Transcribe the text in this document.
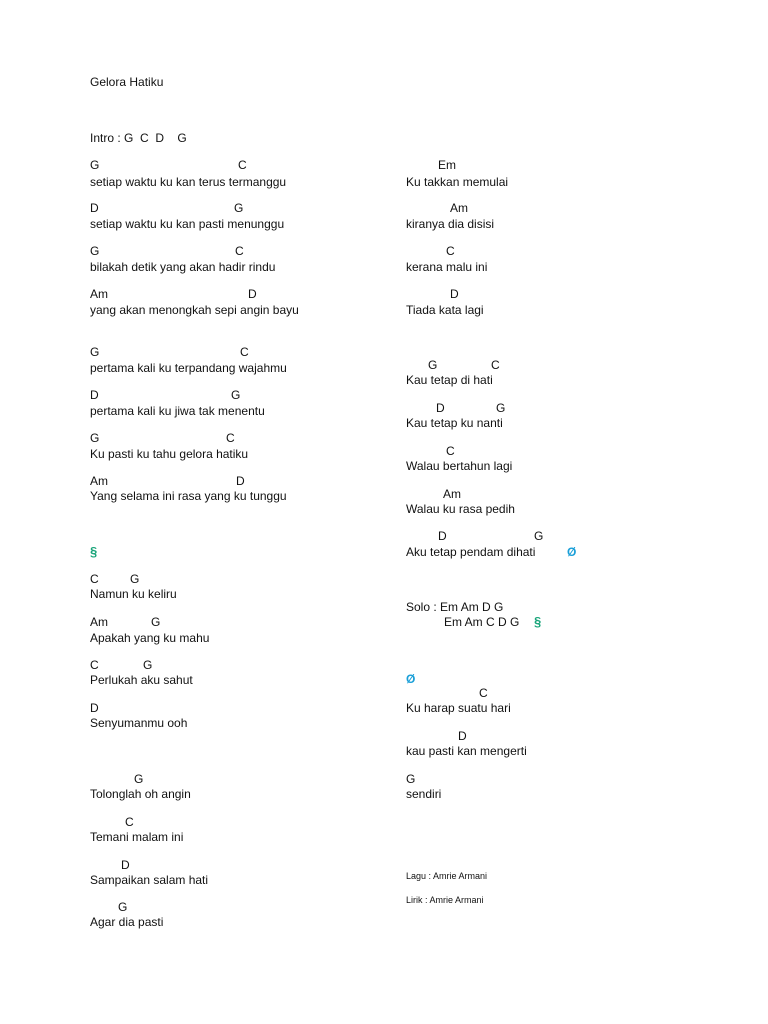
Gelora Hatiku
Intro : G  C  D    G
G	C
setiap waktu ku kan terus termanggu
D	G
setiap waktu ku kan pasti menunggu
G	C
bilakah detik yang akan hadir rindu
Am	D
yang akan menongkah sepi angin bayu
G	C
pertama kali ku terpandang wajahmu
D	G
pertama kali ku jiwa tak menentu
G	C
Ku pasti ku tahu gelora hatiku
Am	D
Yang selama ini rasa yang ku tunggu
§
C	G
Namun ku keliru
Am	G
Apakah yang ku mahu
C	G
Perlukah aku sahut
D
Senyumanmu ooh
G
Tolonglah oh angin
C
Temani malam ini
D
Sampaikan salam hati
G
Agar dia pasti
Em
Ku takkan memulai
Am
kiranya dia disisi
C
kerana malu ini
D
Tiada kata lagi
G	C
Kau tetap di hati
D	G
Kau tetap ku nanti
C
Walau bertahun lagi
Am
Walau ku rasa pedih
D	G
Aku tetap pendam dihati	Ø
Solo : Em Am D G
Em Am C D G §
Ø
C
Ku harap suatu hari
D
kau pasti kan mengerti
G
sendiri
Lagu : Amrie Armani
Lirik : Amrie Armani
